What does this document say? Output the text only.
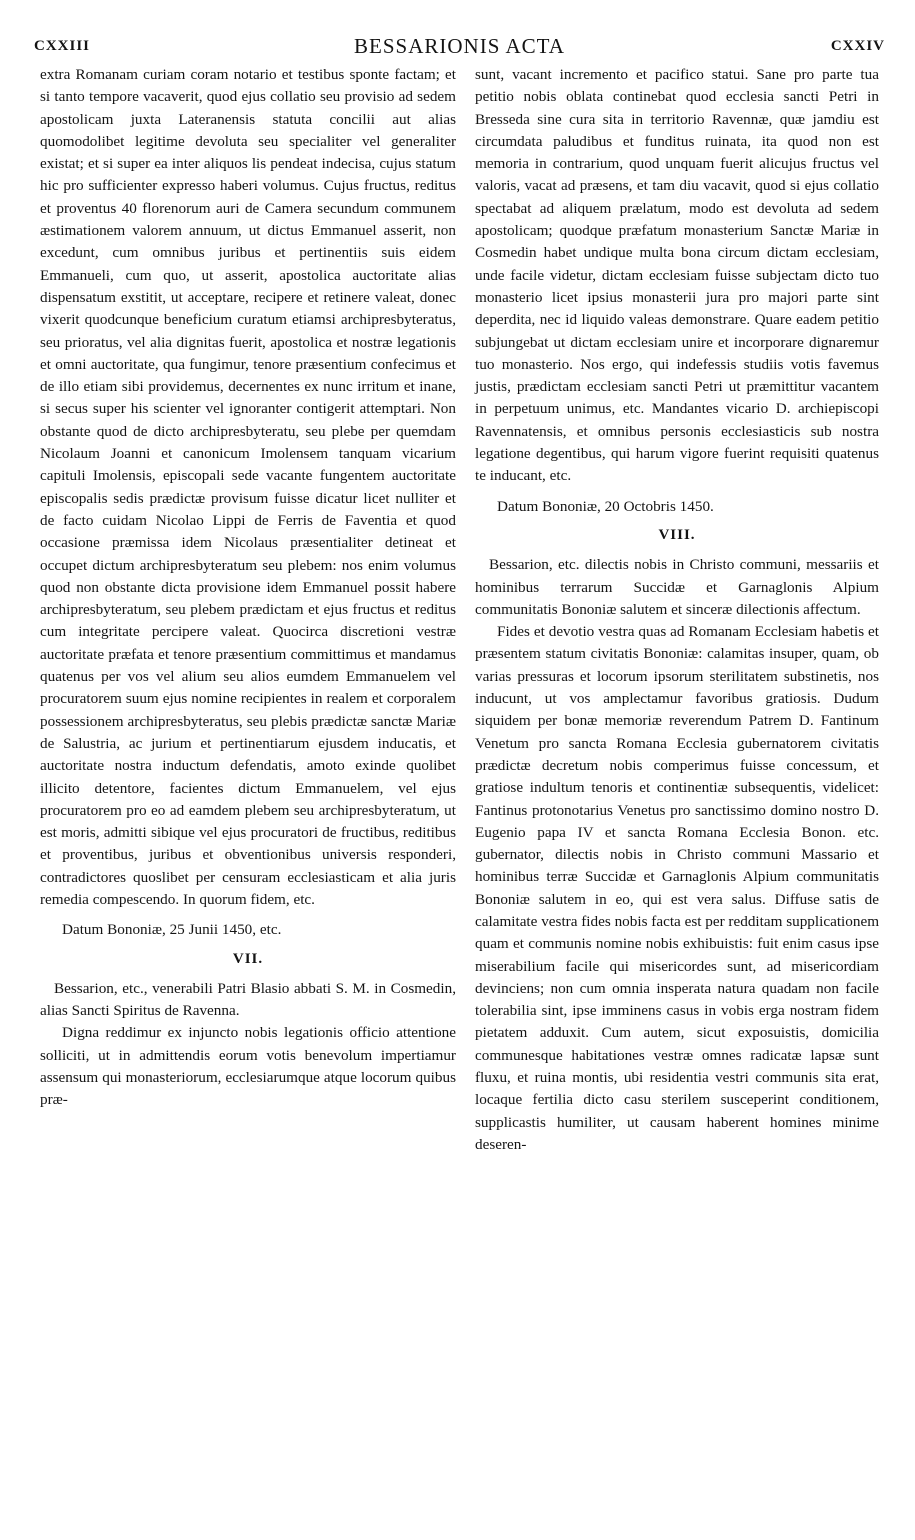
CXXIII	BESSARIONIS ACTA	CXXIV

extra Romanam curiam coram notario et testibus sponte factam; et si tanto tempore vacaverit, quod ejus collatio seu provisio ad sedem apostolicam juxta Lateranensis statuta concilii aut alias quomodolibet legitime devoluta seu specialiter vel generaliter existat; et si super ea inter aliquos lis pendeat indecisa, cujus statum hic pro sufficienter expresso haberi volumus. Cujus fructus, reditus et proventus 40 florenorum auri de Camera secundum communem æstimationem valorem annuum, ut dictus Emmanuel asserit, non excedunt, cum omnibus juribus et pertinentiis suis eidem Emmanueli, cum quo, ut asserit, apostolica auctoritate alias dispensatum exstitit, ut acceptare, recipere et retinere valeat, donec vixerit quodcunque beneficium curatum etiamsi archipresbyteratus, seu prioratus, vel alia dignitas fuerit, apostolica et nostræ legationis et omni auctoritate, qua fungimur, tenore præsentium confecimus et de illo etiam sibi providemus, decernentes ex nunc irritum et inane, si secus super his scienter vel ignoranter contigerit attemptari. Non obstante quod de dicto archipresbyteratu, seu plebe per quemdam Nicolaum Joanni et canonicum Imolensem tanquam vicarium capituli Imolensis, episcopali sede vacante fungentem auctoritate episcopalis sedis prædictæ provisum fuisse dicatur licet nulliter et de facto cuidam Nicolao Lippi de Ferris de Faventia et quod occasione præmissa idem Nicolaus præsentialiter detineat et occupet dictum archipresbyteratum seu plebem: nos enim volumus quod non obstante dicta provisione idem Emmanuel possit habere archipresbyteratum, seu plebem prædictam et ejus fructus et reditus cum integritate percipere valeat. Quocirca discretioni vestræ auctoritate præfata et tenore præsentium committimus et mandamus quatenus per vos vel alium seu alios eumdem Emmanuelem vel procuratorem suum ejus nomine recipientes in realem et corporalem possessionem archipresbyteratus, seu plebis prædictæ sanctæ Mariæ de Salustria, ac jurium et pertinentiarum ejusdem inducatis, et auctoritate nostra inductum defendatis, amoto exinde quolibet illicito detentore, facientes dictum Emmanuelem, vel ejus procuratorem pro eo ad eamdem plebem seu archipresbyteratum, ut est moris, admitti sibique vel ejus procuratori de fructibus, reditibus et proventibus, juribus et obventionibus universis responderi, contradictores quoslibet per censuram ecclesiasticam et alia juris remedia compescendo. In quorum fidem, etc.

Datum Bononiæ, 25 Junii 1450, etc.

VII.

Bessarion, etc., venerabili Patri Blasio abbati S. M. in Cosmedin, alias Sancti Spiritus de Ravenna.

Digna reddimur ex injuncto nobis legationis officio attentione solliciti, ut in admittendis eorum votis benevolum impertiamur assensum qui monasteriorum, ecclesiarumque atque locorum quibus præ-

sunt, vacant incremento et pacifico statui. Sane pro parte tua petitio nobis oblata continebat quod ecclesia sancti Petri in Bresseda sine cura sita in territorio Ravennæ, quæ jamdiu est circumdata paludibus et funditus ruinata, ita quod non est memoria in contrarium, quod unquam fuerit alicujus fructus vel valoris, vacat ad præsens, et tam diu vacavit, quod si ejus collatio spectabat ad aliquem prælatum, modo est devoluta ad sedem apostolicam; quodque præfatum monasterium Sanctæ Mariæ in Cosmedin habet undique multa bona circum dictam ecclesiam, unde facile videtur, dictam ecclesiam fuisse subjectam dicto tuo monasterio licet ipsius monasterii jura pro majori parte sint deperdita, nec id liquido valeas demonstrare. Quare eadem petitio subjungebat ut dictam ecclesiam unire et incorporare dignaremur tuo monasterio. Nos ergo, qui indefessis studiis votis favemus justis, prædictam ecclesiam sancti Petri ut præmittitur vacantem in perpetuum unimus, etc. Mandantes vicario D. archiepiscopi Ravennatensis, et omnibus personis ecclesiasticis sub nostra legatione degentibus, qui harum vigore fuerint requisiti quatenus te inducant, etc.

Datum Bononiæ, 20 Octobris 1450.

VIII.

Bessarion, etc. dilectis nobis in Christo communi, messariis et hominibus terrarum Succidæ et Garnaglonis Alpium communitatis Bononiæ salutem et sinceræ dilectionis affectum.

Fides et devotio vestra quas ad Romanam Ecclesiam habetis et præsentem statum civitatis Bononiæ: calamitas insuper, quam, ob varias pressuras et locorum ipsorum sterilitatem substinetis, nos inducunt, ut vos amplectamur favoribus gratiosis. Dudum siquidem per bonæ memoriæ reverendum Patrem D. Fantinum Venetum pro sancta Romana Ecclesia gubernatorem civitatis prædictæ decretum nobis comperimus fuisse concessum, et gratiose indultum tenoris et continentiæ subsequentis, videlicet: Fantinus protonotarius Venetus pro sanctissimo domino nostro D. Eugenio papa IV et sancta Romana Ecclesia Bonon. etc. gubernator, dilectis nobis in Christo communi Massario et hominibus terræ Succidæ et Garnaglonis Alpium communitatis Bononiæ salutem in eo, qui est vera salus. Diffuse satis de calamitate vestra fides nobis facta est per redditam supplicationem quam et communis nomine nobis exhibuistis: fuit enim casus ipse miserabilium facile qui misericordes sunt, ad misericordiam devinciens; non cum omnia insperata natura quadam non facile tolerabilia sint, ipse imminens casus in vobis erga nostram fidem pietatem adduxit. Cum autem, sicut exposuistis, domicilia communesque habitationes vestræ omnes radicatæ lapsæ sunt fluxu, et ruina montis, ubi residentia vestri communis sita erat, locaque fertilia dicto casu sterilem susceperint conditionem, supplicastis humiliter, ut causam haberent homines minime deseren-
